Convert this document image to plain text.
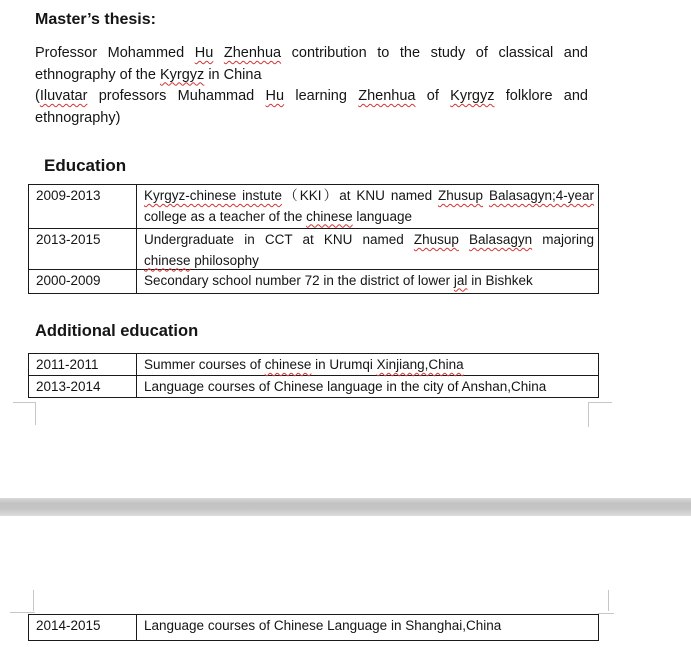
Master’s thesis:
Professor Mohammed Hu Zhenhua contribution to the study of classical and
ethnography of the Kyrgyz in China
(Iluvatar professors Muhammad Hu learning Zhenhua of Kyrgyz folklore and
ethnography)
Education
2009-2013	Kyrgyz-chinese instute（KKI）at KNU named Zhusup Balasagyn;4-year
college as a teacher of the chinese language
2013-2015	Undergraduate in CCT at KNU named Zhusup Balasagyn majoring
chinese philosophy
2000-2009	Secondary school number 72 in the district of lower jal in Bishkek
Additional education
2011-2011	Summer courses of chinese in Urumqi Xinjiang,China
2013-2014	Language courses of Chinese language in the city of Anshan,China
2014-2015	Language courses of Chinese Language in Shanghai,China
